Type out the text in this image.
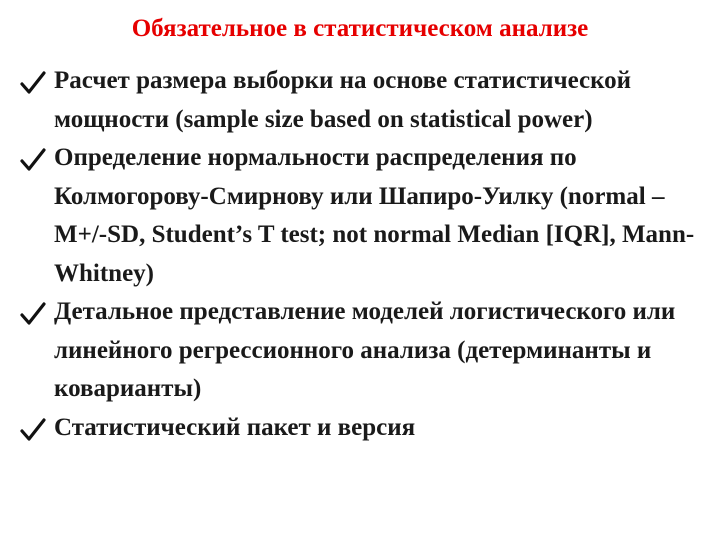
Обязательное в статистическом анализе
Расчет размера выборки на основе статистической мощности (sample size based on statistical power)
Определение нормальности распределения по Колмогорову-Смирнову или Шапиро-Уилку (normal – M+/-SD, Student’s T test; not normal Median [IQR], Mann-Whitney)
Детальное представление моделей логистического или линейного регрессионного анализа (детерминанты и коварианты)
Статистический пакет и версия
